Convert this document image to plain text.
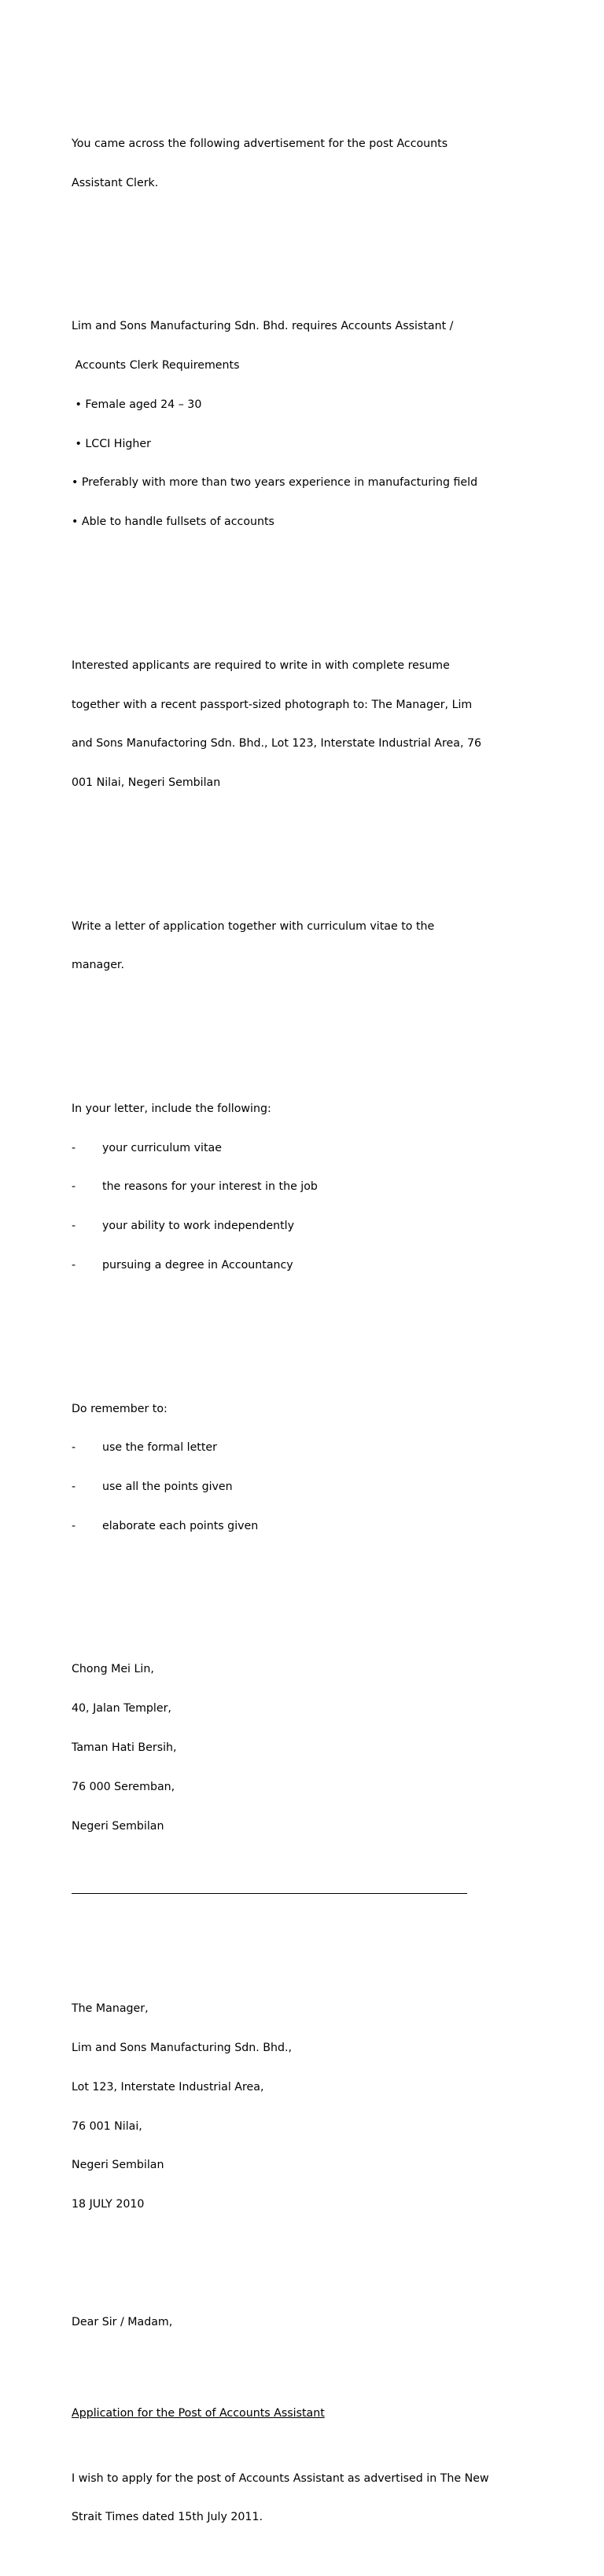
You came across the following advertisement for the post Accounts

Assistant Clerk.

Lim and Sons Manufacturing Sdn. Bhd. requires Accounts Assistant /

Accounts Clerk Requirements

• Female aged 24 – 30

• LCCI Higher

• Preferably with more than two years experience in manufacturing field

• Able to handle fullsets of accounts

Interested applicants are required to write in with complete resume

together with a recent passport-sized photograph to: The Manager, Lim

and Sons Manufactoring Sdn. Bhd., Lot 123, Interstate Industrial Area, 76

001 Nilai, Negeri Sembilan

Write a letter of application together with curriculum vitae to the

manager.

In your letter, include the following:

- your curriculum vitae

- the reasons for your interest in the job

- your ability to work independently

- pursuing a degree in Accountancy

Do remember to:

- use the formal letter

- use all the points given

- elaborate each points given

Chong Mei Lin,

40, Jalan Templer,

Taman Hati Bersih,

76 000 Seremban,

Negeri Sembilan

The Manager,

Lim and Sons Manufacturing Sdn. Bhd.,

Lot 123, Interstate Industrial Area,

76 001 Nilai,

Negeri Sembilan

18 JULY 2010

Dear Sir / Madam,

Application for the Post of Accounts Assistant

I wish to apply for the post of Accounts Assistant as advertised in The New

Strait Times dated 15th July 2011.
